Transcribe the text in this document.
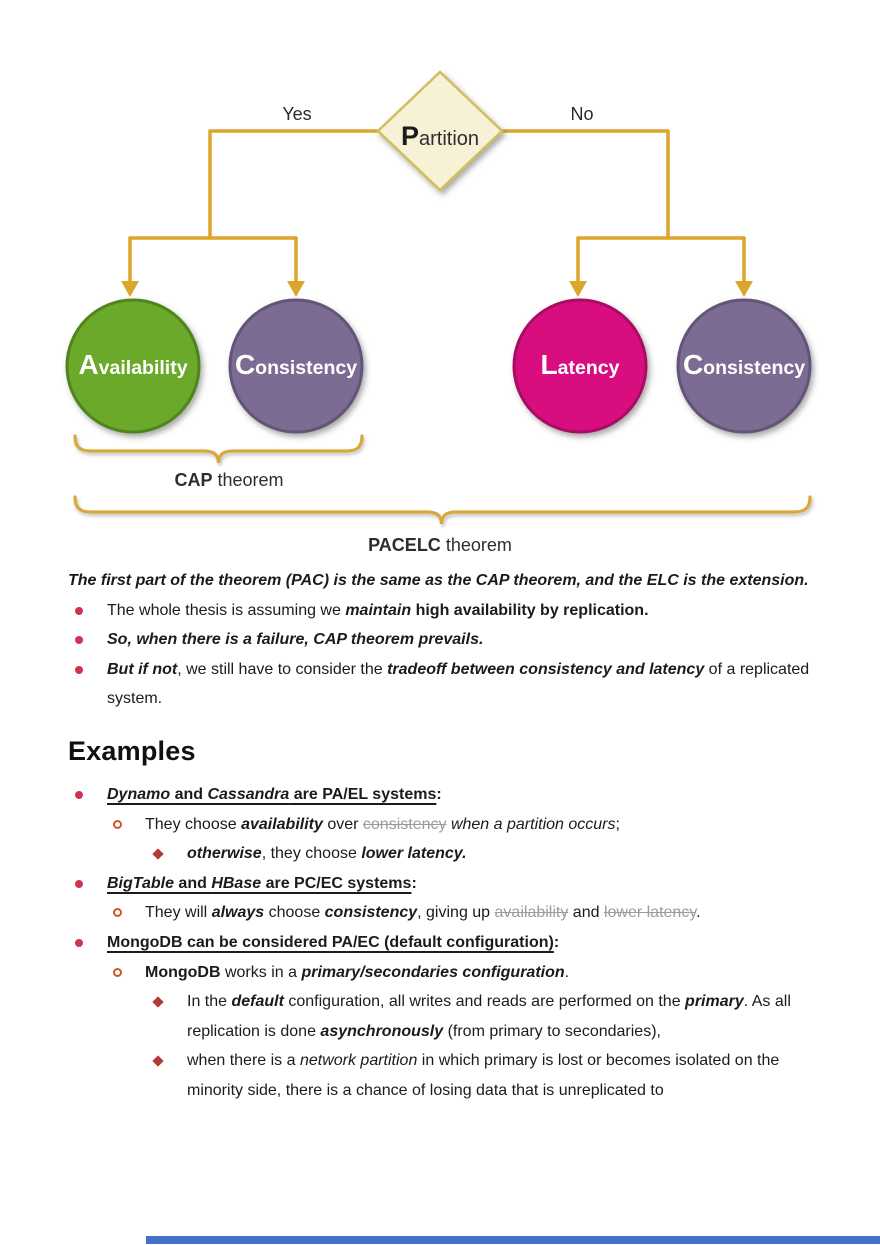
Partition
Yes	No
Availability Consistency	Latency Consistency
CAP theorem
PACELC theorem

The first part of the theorem (PAC) is the same as the CAP theorem, and the ELC is the extension.

The whole thesis is assuming we maintain high availability by replication.
So, when there is a failure, CAP theorem prevails.
But if not, we still have to consider the tradeoff between consistency and latency of a replicated system.
Examples
Dynamo and Cassandra are PA/EL systems:
They choose availability over consistency when a partition occurs;
otherwise, they choose lower latency.
BigTable and HBase are PC/EC systems:
They will always choose consistency, giving up availability and lower latency.
MongoDB can be considered PA/EC (default configuration):
MongoDB works in a primary/secondaries configuration.
In the default configuration, all writes and reads are performed on the primary. As all replication is done asynchronously (from primary to secondaries),
when there is a network partition in which primary is lost or becomes isolated on the minority side, there is a chance of losing data that is unreplicated to
